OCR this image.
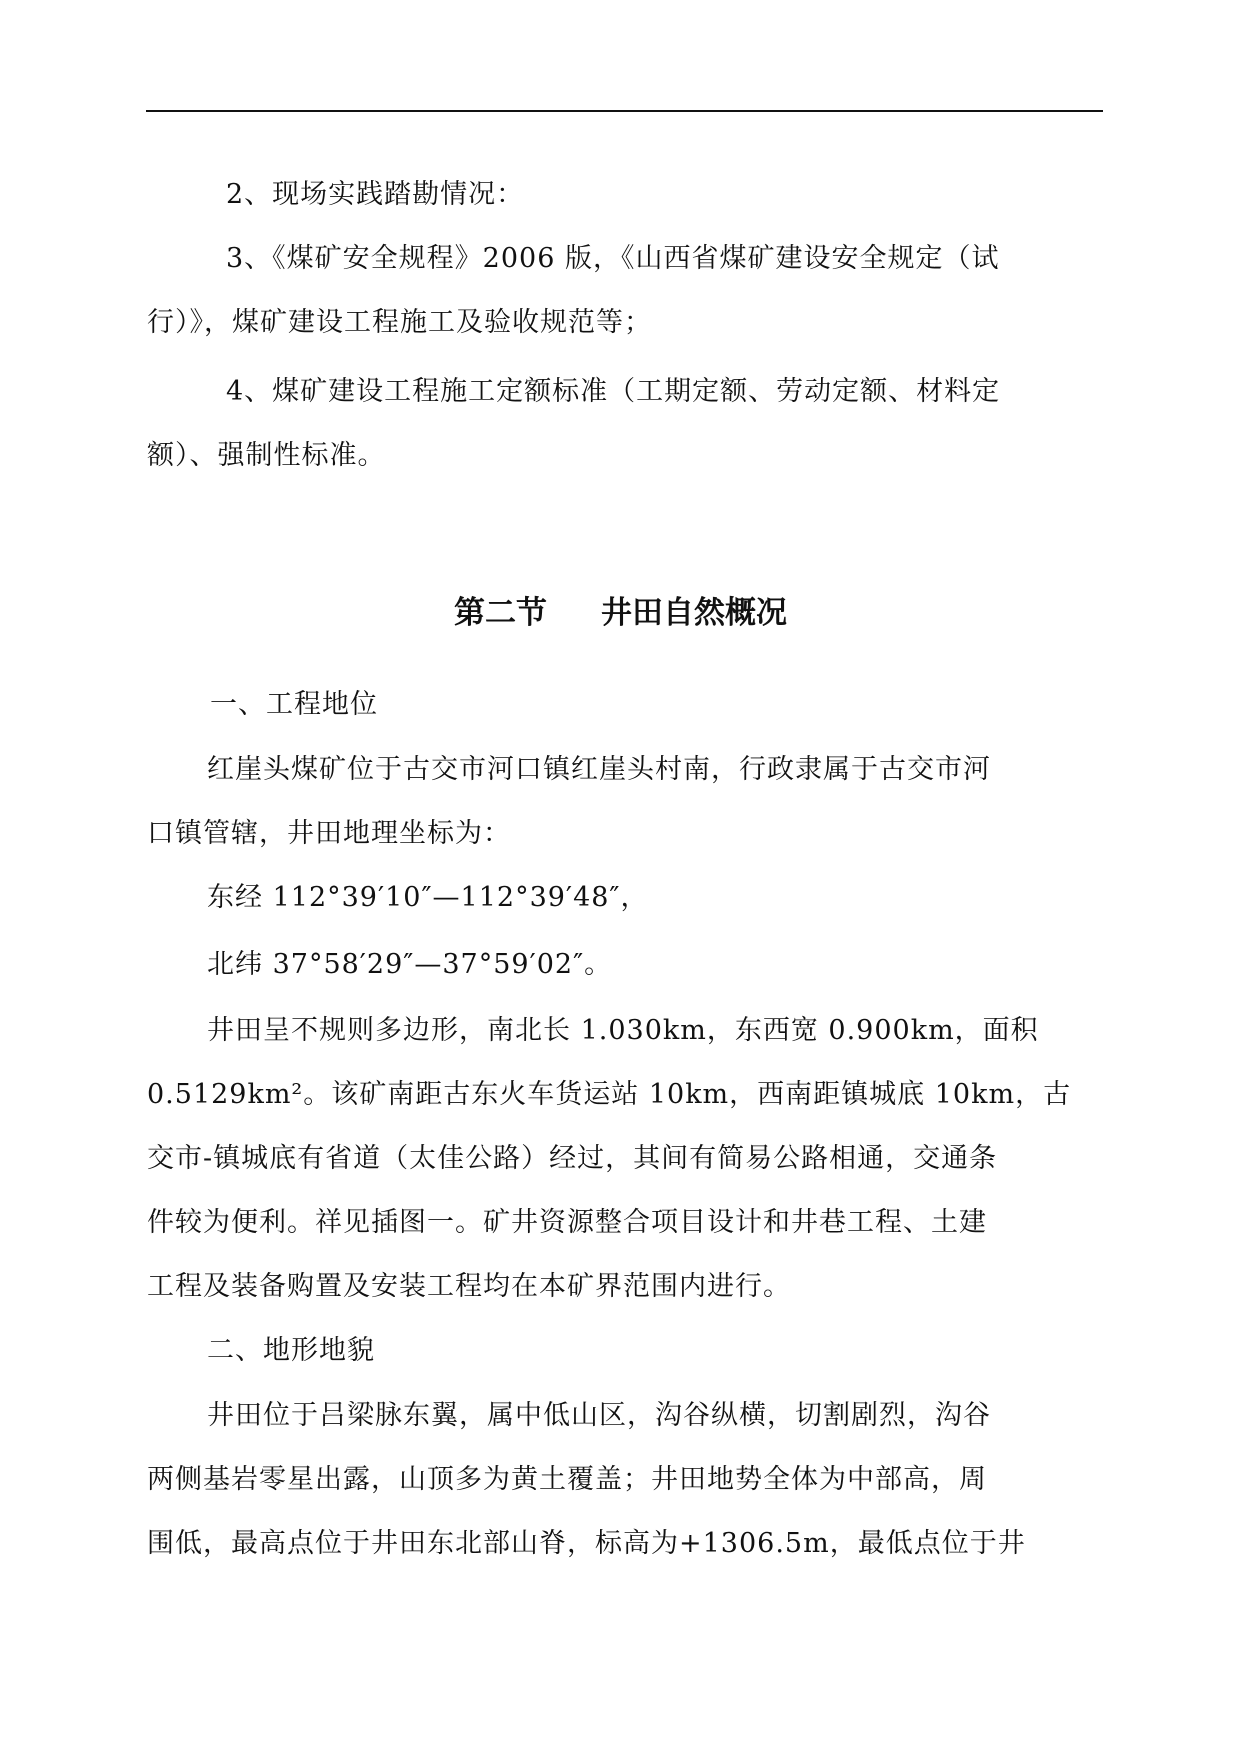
2、现场实践踏勘情况：
3、《煤矿安全规程》2006 版，《山西省煤矿建设安全规定（试
行）》，煤矿建设工程施工及验收规范等；
4、煤矿建设工程施工定额标准（工期定额、劳动定额、材料定
额）、强制性标准。
第二节 井田自然概况
一、工程地位
红崖头煤矿位于古交市河口镇红崖头村南，行政隶属于古交市河
口镇管辖，井田地理坐标为：
东经 112°39′10″—112°39′48″，
北纬 37°58′29″—37°59′02″。
井田呈不规则多边形，南北长 1.030km，东西宽 0.900km，面积
0.5129km²。该矿南距古东火车货运站 10km，西南距镇城底 10km，古
交市-镇城底有省道（太佳公路）经过，其间有简易公路相通，交通条
件较为便利。祥见插图一。矿井资源整合项目设计和井巷工程、土建
工程及装备购置及安装工程均在本矿界范围内进行。
二、地形地貌
井田位于吕梁脉东翼，属中低山区，沟谷纵横，切割剧烈，沟谷
两侧基岩零星出露，山顶多为黄土覆盖；井田地势全体为中部高，周
围低，最高点位于井田东北部山脊，标高为+1306.5m，最低点位于井
